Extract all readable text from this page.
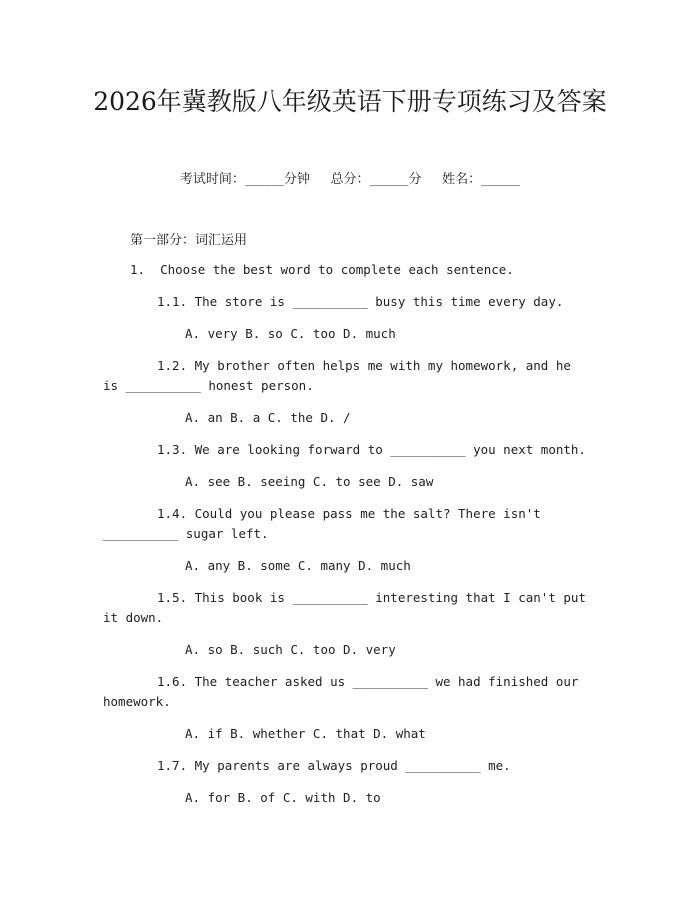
2026年冀教版八年级英语下册专项练习及答案
考试时间：______分钟     总分：______分     姓名：______
第一部分：词汇运用
1.  Choose the best word to complete each sentence.
1.1. The store is __________ busy this time every day.
A. very B. so C. too D. much
1.2. My brother often helps me with my homework, and he is __________ honest person.
A. an B. a C. the D. /
1.3. We are looking forward to __________ you next month.
A. see B. seeing C. to see D. saw
1.4. Could you please pass me the salt? There isn't __________ sugar left.
A. any B. some C. many D. much
1.5. This book is __________ interesting that I can't put it down.
A. so B. such C. too D. very
1.6. The teacher asked us __________ we had finished our homework.
A. if B. whether C. that D. what
1.7. My parents are always proud __________ me.
A. for B. of C. with D. to
